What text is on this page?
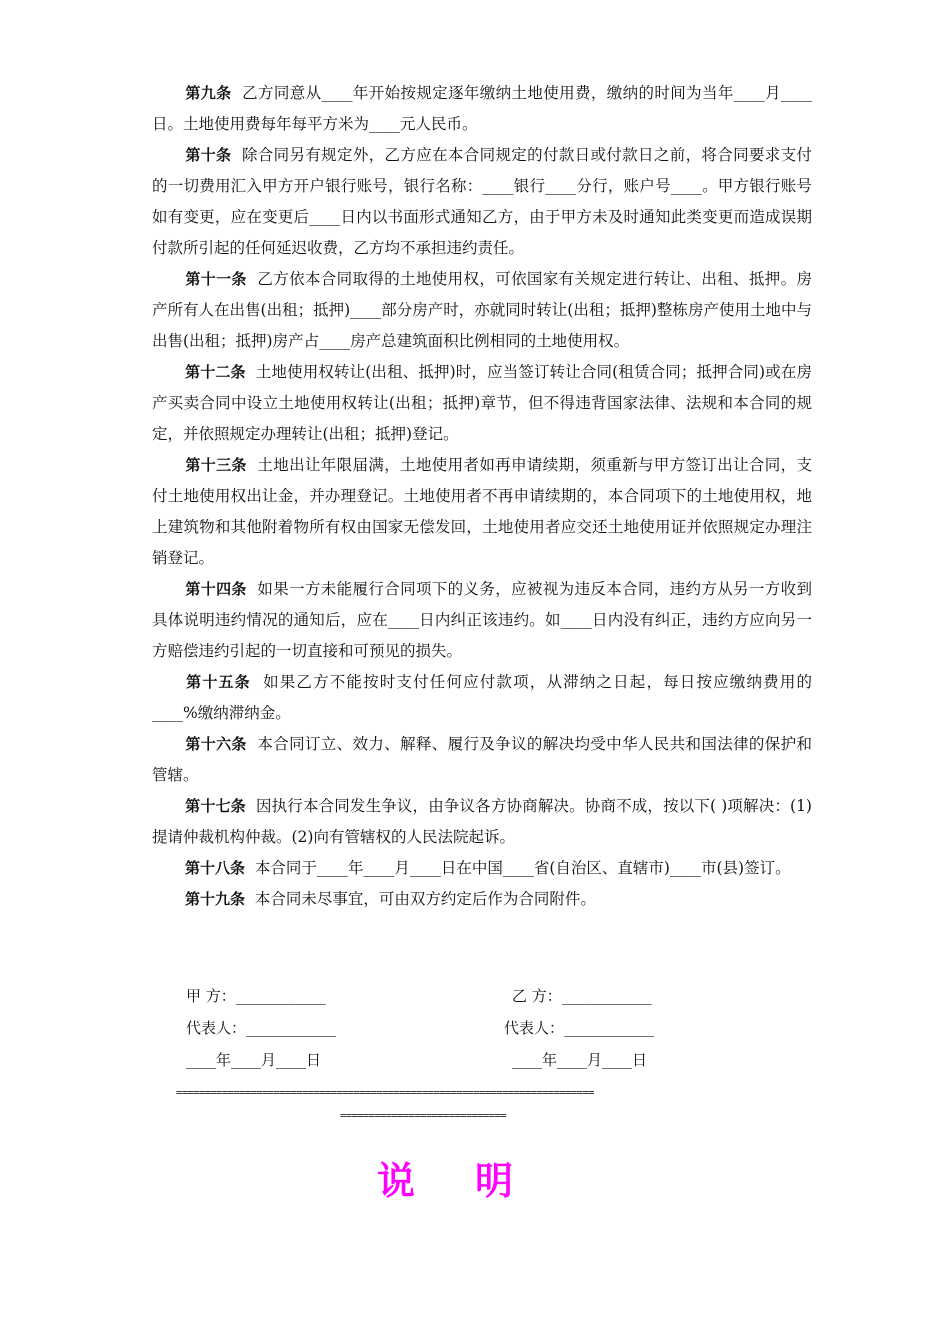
第九条 乙方同意从____年开始按规定逐年缴纳土地使用费，缴纳的时间为当年____月____日。土地使用费每年每平方米为____元人民币。

第十条 除合同另有规定外，乙方应在本合同规定的付款日或付款日之前，将合同要求支付的一切费用汇入甲方开户银行账号，银行名称：____银行____分行，账户号____。甲方银行账号如有变更，应在变更后____日内以书面形式通知乙方，由于甲方未及时通知此类变更而造成误期付款所引起的任何延迟收费，乙方均不承担违约责任。

第十一条 乙方依本合同取得的土地使用权，可依国家有关规定进行转让、出租、抵押。房产所有人在出售(出租；抵押)____部分房产时，亦就同时转让(出租；抵押)整栋房产使用土地中与出售(出租；抵押)房产占____房产总建筑面积比例相同的土地使用权。

第十二条 土地使用权转让(出租、抵押)时，应当签订转让合同(租赁合同；抵押合同)或在房产买卖合同中设立土地使用权转让(出租；抵押)章节，但不得违背国家法律、法规和本合同的规定，并依照规定办理转让(出租；抵押)登记。

第十三条 土地出让年限届满，土地使用者如再申请续期，须重新与甲方签订出让合同，支付土地使用权出让金，并办理登记。土地使用者不再申请续期的，本合同项下的土地使用权，地上建筑物和其他附着物所有权由国家无偿发回，土地使用者应交还土地使用证并依照规定办理注销登记。

第十四条 如果一方未能履行合同项下的义务，应被视为违反本合同，违约方从另一方收到具体说明违约情况的通知后，应在____日内纠正该违约。如____日内没有纠正，违约方应向另一方赔偿违约引起的一切直接和可预见的损失。

第十五条 如果乙方不能按时支付任何应付款项，从滞纳之日起，每日按应缴纳费用的____%缴纳滞纳金。

第十六条 本合同订立、效力、解释、履行及争议的解决均受中华人民共和国法律的保护和管辖。

第十七条 因执行本合同发生争议，由争议各方协商解决。协商不成，按以下( )项解决：(1)提请仲裁机构仲裁。(2)向有管辖权的人民法院起诉。

第十八条 本合同于____年____月____日在中国____省(自治区、直辖市)____市(县)签订。

第十九条 本合同未尽事宜，可由双方约定后作为合同附件。

甲 方：____________	乙 方：____________
代表人：____________	代表人：____________
____年____月____日	____年____月____日
=========================================================================
=============================
说明
